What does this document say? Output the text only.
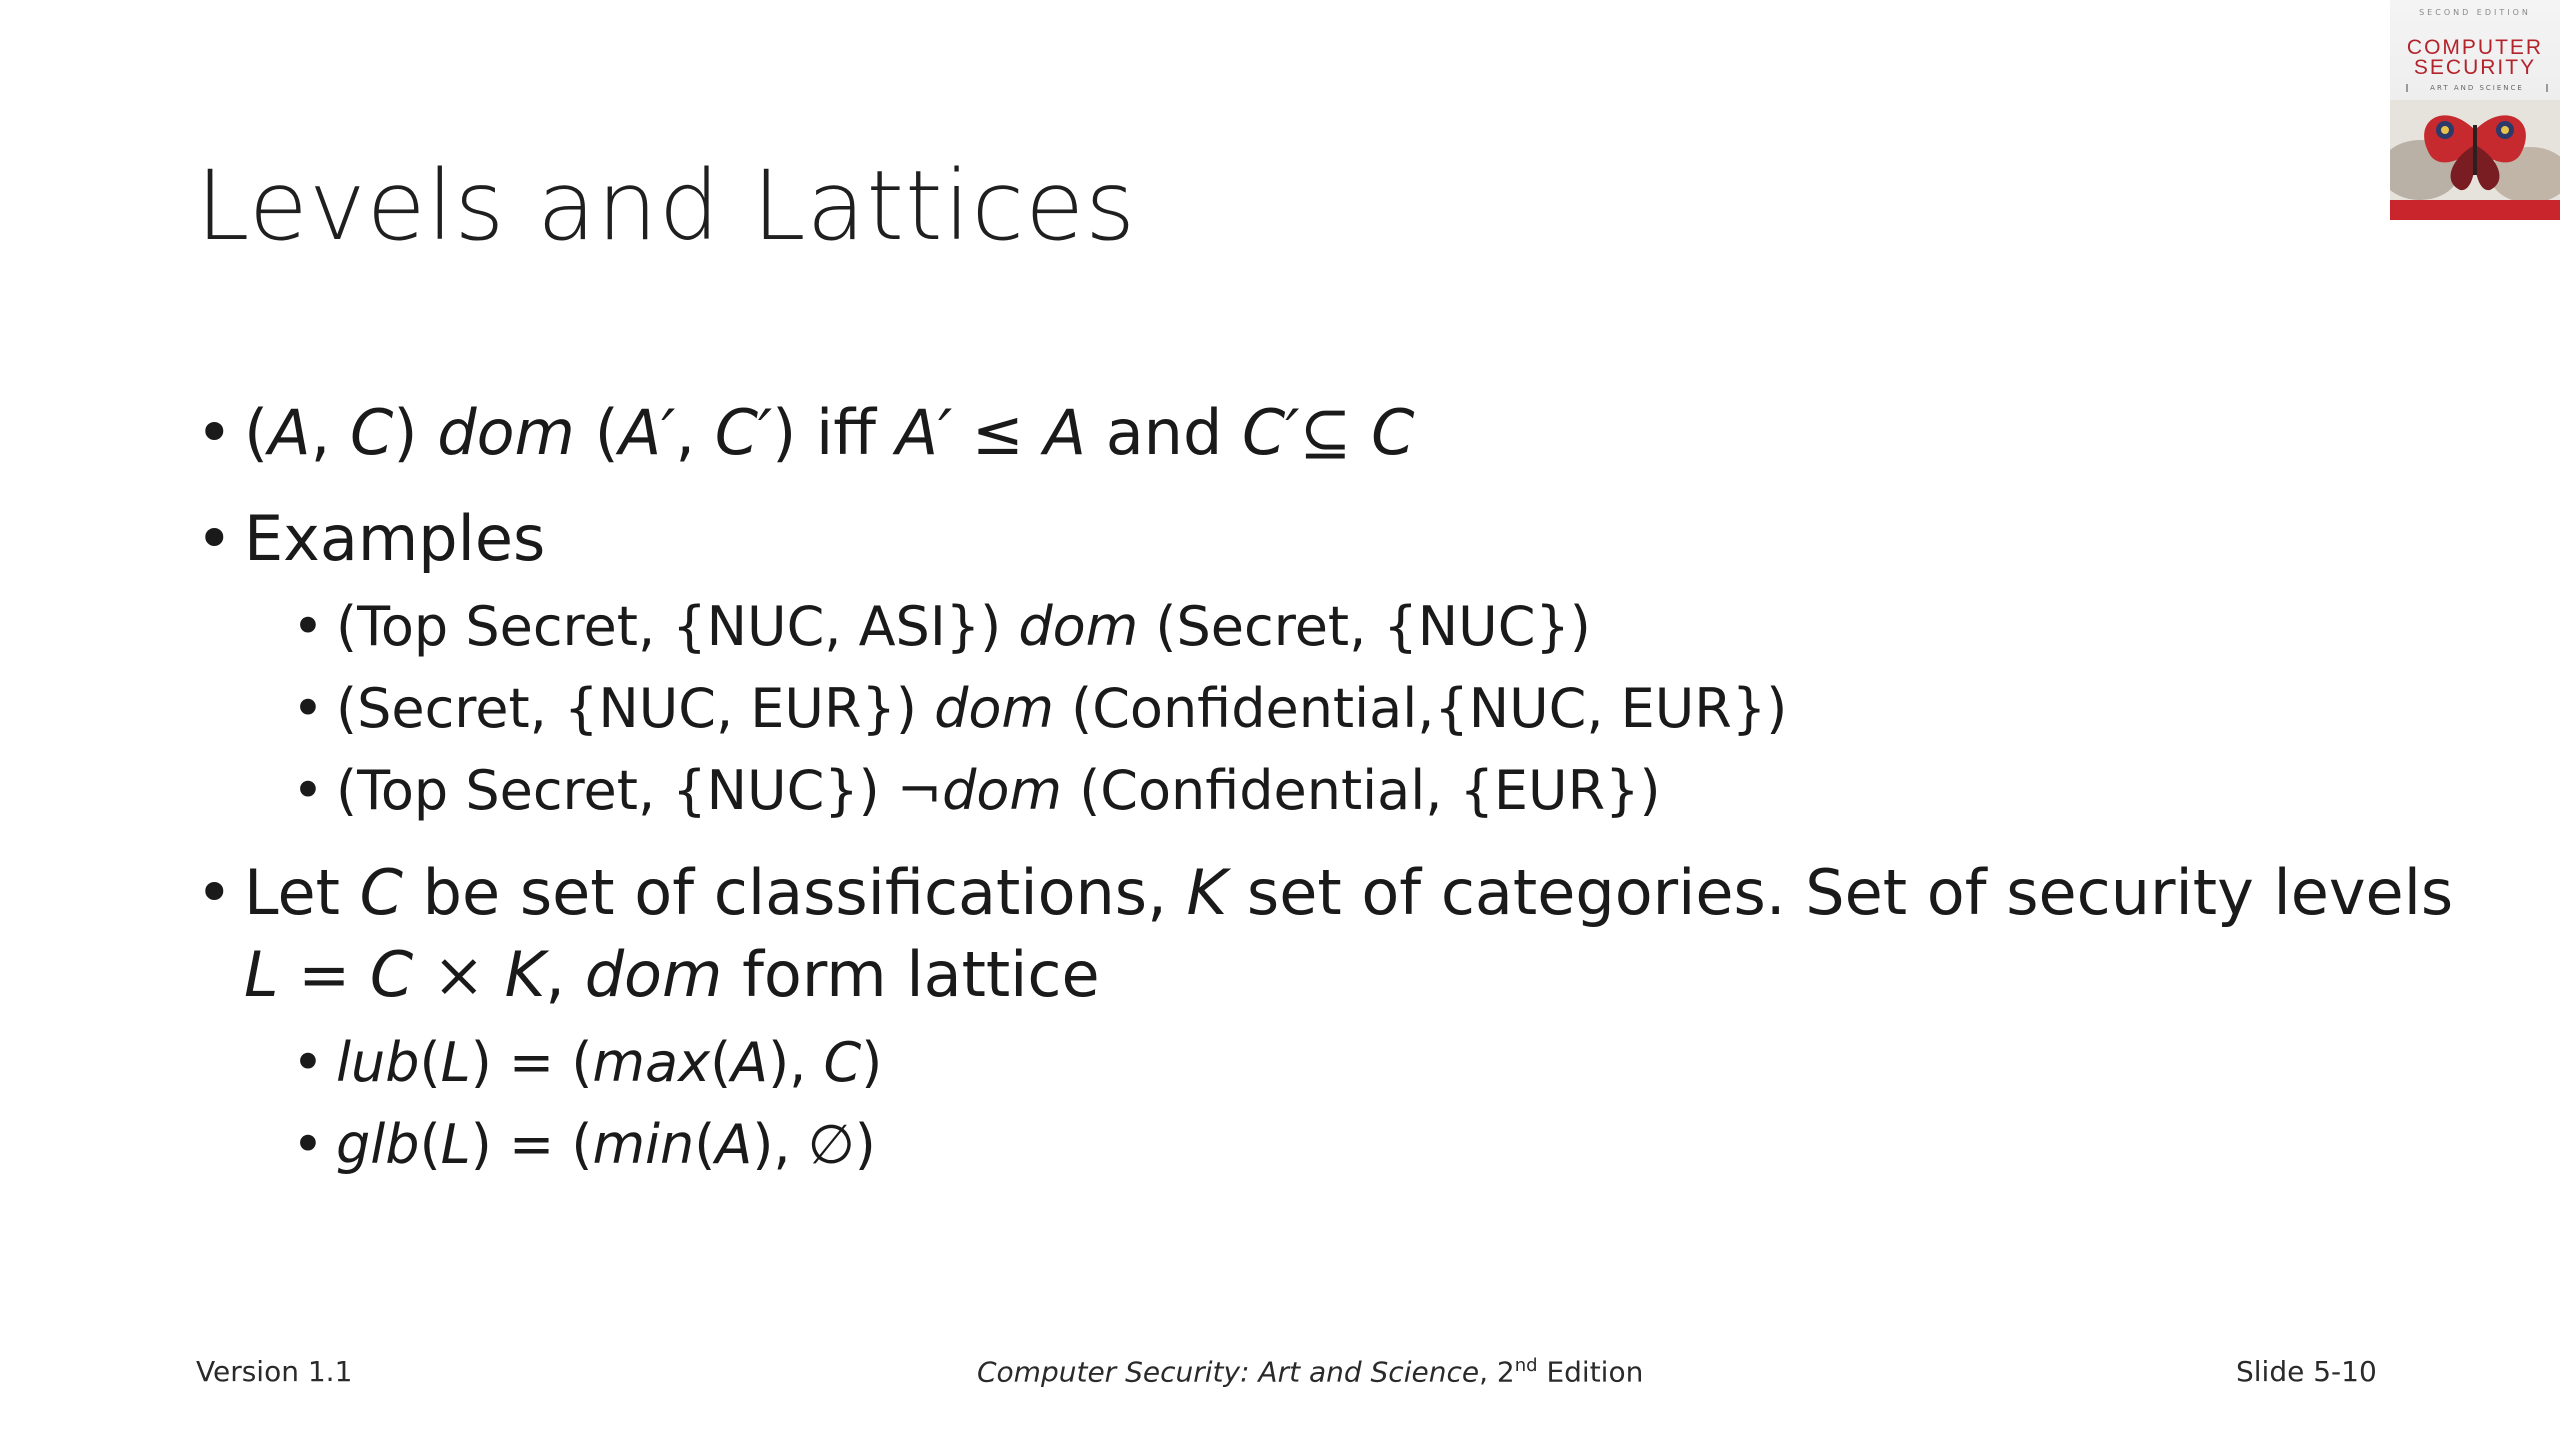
Levels and Lattices
SECOND EDITION
COMPUTER
SECURITY
ART AND SCIENCE
• (A, C) dom (A′, C′) iff A′ ≤ A and C′⊆ C
• Examples
• (Top Secret, {NUC, ASI}) dom (Secret, {NUC})
• (Secret, {NUC, EUR}) dom (Confidential,{NUC, EUR})
• (Top Secret, {NUC}) ¬dom (Confidential, {EUR})
• Let C be set of classifications, K set of categories. Set of security levels
L = C × K, dom form lattice
• lub(L) = (max(A), C)
• glb(L) = (min(A), ∅)
Version 1.1	Computer Security: Art and Science, 2nd Edition	Slide 5-10
